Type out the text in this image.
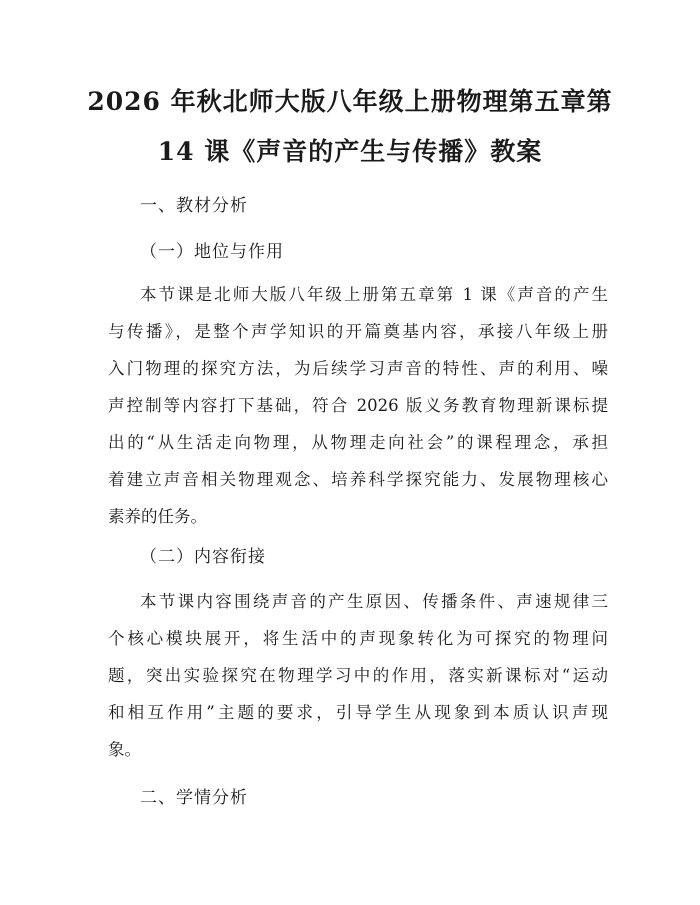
2026 年秋北师大版八年级上册物理第五章第
14 课《声音的产生与传播》教案
一、教材分析
（一）地位与作用
本节课是北师大版八年级上册第五章第 1 课《声音的产生
与传播》，是整个声学知识的开篇奠基内容，承接八年级上册
入门物理的探究方法，为后续学习声音的特性、声的利用、噪
声控制等内容打下基础，符合 2026 版义务教育物理新课标提
出的“从生活走向物理，从物理走向社会”的课程理念，承担
着建立声音相关物理观念、培养科学探究能力、发展物理核心
素养的任务。
（二）内容衔接
本节课内容围绕声音的产生原因、传播条件、声速规律三
个核心模块展开，将生活中的声现象转化为可探究的物理问
题，突出实验探究在物理学习中的作用，落实新课标对“运动
和相互作用”主题的要求，引导学生从现象到本质认识声现
象。
二、学情分析
